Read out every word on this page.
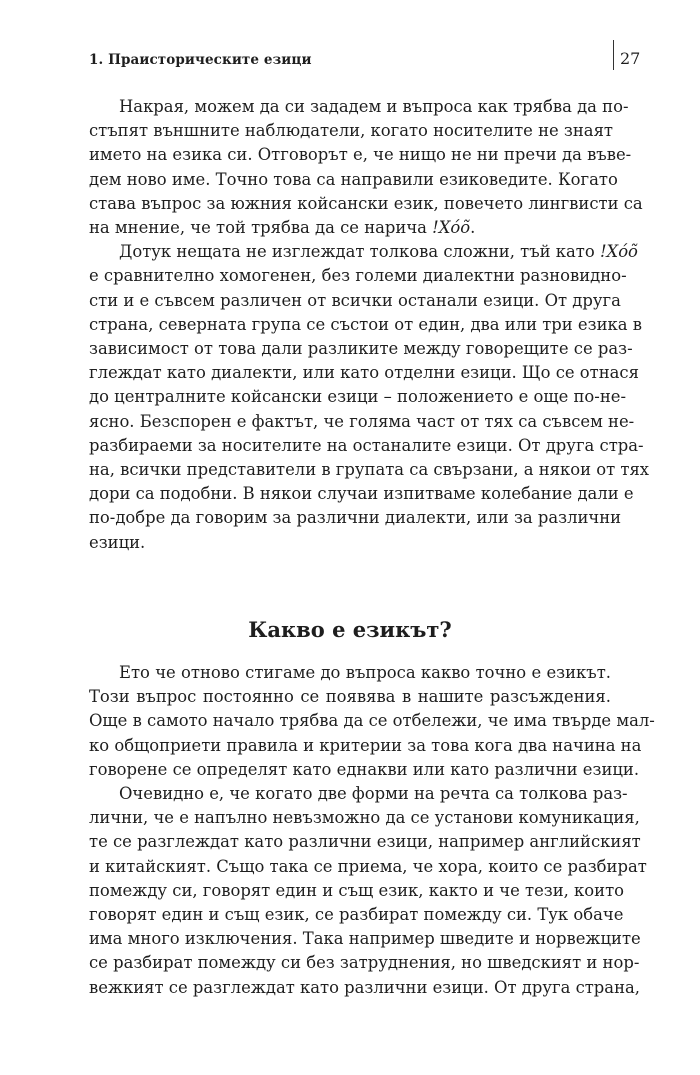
1. Праисторическите езици	27
Накрая, можем да си зададем и въпроса как трябва да по-
стъпят външните наблюдатели, когато носителите не знаят
името на езика си. Отговорът е, че нищо не ни пречи да въве-
дем ново име. Точно това са направили езиковедите. Когато
става въпрос за южния койсански език, повечето лингвисти са
на мнение, че той трябва да се нарича !Xóõ.
Дотук нещата не изглеждат толкова сложни, тъй като !Xóõ
е сравнително хомогенен, без големи диалектни разновидно-
сти и е съвсем различен от всички останали езици. От друга
страна, северната група се състои от един, два или три езика в
зависимост от това дали разликите между говорещите се раз-
глеждат като диалекти, или като отделни езици. Що се отнася
до централните койсански езици – положението е още по-не-
ясно. Безспорен е фактът, че голяма част от тях са съвсем не-
разбираеми за носителите на останалите езици. От друга стра-
на, всички представители в групата са свързани, а някои от тях
дори са подобни. В някои случаи изпитваме колебание дали е
по-добре да говорим за различни диалекти, или за различни
езици.
Какво е езикът?
Ето че отново стигаме до въпроса какво точно е езикът.
Този въпрос постоянно се появява в нашите разсъждения.
Още в самото начало трябва да се отбележи, че има твърде мал-
ко общоприети правила и критерии за това кога два начина на
говорене се определят като еднакви или като различни езици.
Очевидно е, че когато две форми на речта са толкова раз-
лични, че е напълно невъзможно да се установи комуникация,
те се разглеждат като различни езици, например английският
и китайският. Също така се приема, че хора, които се разбират
помежду си, говорят един и същ език, както и че тези, които
говорят един и същ език, се разбират помежду си. Тук обаче
има много изключения. Така например шведите и норвежците
се разбират помежду си без затруднения, но шведският и нор-
вежкият се разглеждат като различни езици. От друга страна,
